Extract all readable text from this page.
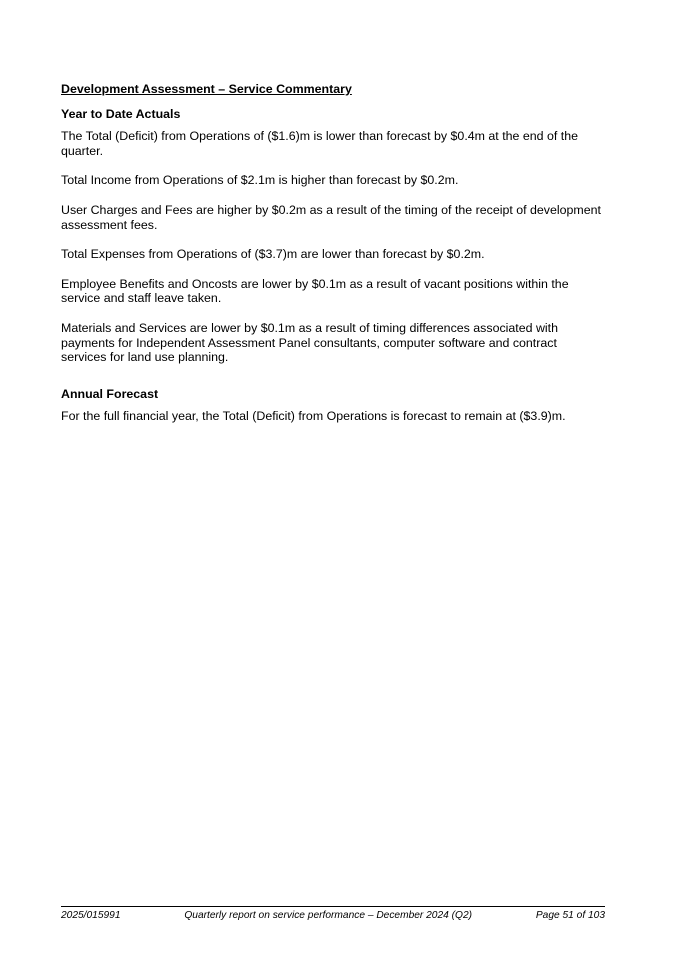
Development Assessment – Service Commentary
Year to Date Actuals

The Total (Deficit) from Operations of ($1.6)m is lower than forecast by $0.4m at the end of the quarter.

Total Income from Operations of $2.1m is higher than forecast by $0.2m.

User Charges and Fees are higher by $0.2m as a result of the timing of the receipt of development assessment fees.

Total Expenses from Operations of ($3.7)m are lower than forecast by $0.2m.

Employee Benefits and Oncosts are lower by $0.1m as a result of vacant positions within the service and staff leave taken.

Materials and Services are lower by $0.1m as a result of timing differences associated with payments for Independent Assessment Panel consultants, computer software and contract services for land use planning.

Annual Forecast

For the full financial year, the Total (Deficit) from Operations is forecast to remain at ($3.9)m.

2025/015991	Quarterly report on service performance – December 2024 (Q2)	Page 51 of 103
